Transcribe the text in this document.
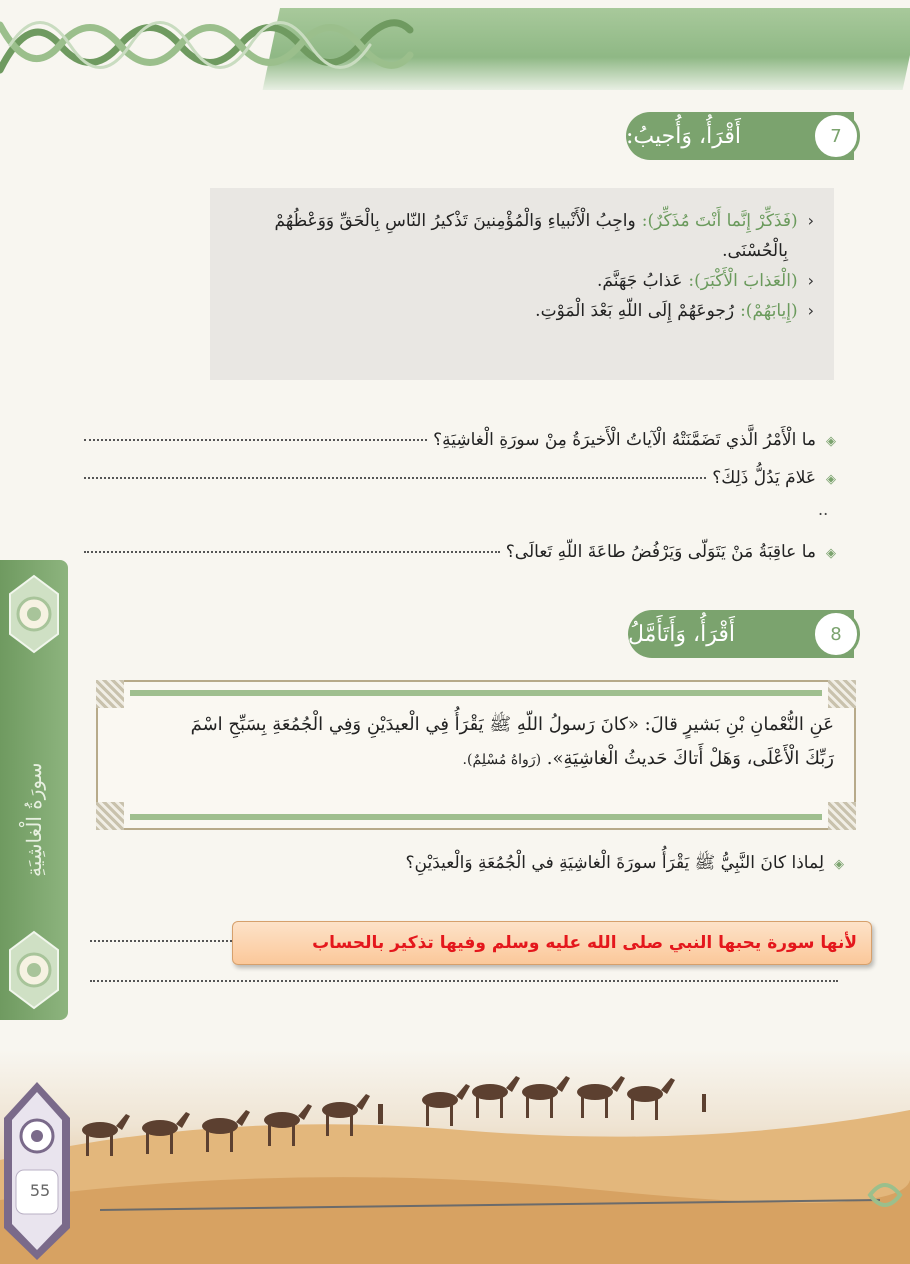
أَقْرَأُ، وَأُجيبُ:	7
‹
(فَذَكِّرْ إِنَّما أَنْتَ مُذَكِّرٌ):
واجِبُ الْأَنْبياءِ وَالْمُؤْمِنينَ تَذْكيرُ النّاسِ بِالْحَقِّ وَوَعْظُهُمْ
بِالْحُسْنَى.
‹
(الْعَذابَ الْأَكْبَرَ):
عَذابُ جَهَنَّمَ.
‹
(إِيابَهُمْ):
رُجوعَهُمْ إِلَى اللّهِ بَعْدَ الْمَوْتِ.
◈
ما الْأَمْرُ الَّذي تَضَمَّنَتْهُ الْآياتُ الْأَخيرَةُ مِنْ سورَةِ الْغاشِيَةِ؟
◈
عَلامَ يَدُلُّ ذَلِكَ؟
..
◈
ما عاقِبَةُ مَنْ يَتَوَلّى وَيَرْفُضُ طاعَةَ اللّهِ تَعالَى؟
أَقْرَأُ، وَأَتَأَمَّلُ	8
عَنِ النُّعْمانِ بْنِ بَشيرٍ قالَ: «كانَ رَسولُ اللّهِ ﷺ يَقْرَأُ فِي الْعيدَيْنِ وَفِي الْجُمُعَةِ بِسَبِّحِ اسْمَ
رَبِّكَ الْأَعْلَى، وَهَلْ أَتاكَ حَديثُ الْغاشِيَةِ». (رَواهُ مُسْلِمٌ).
◈
لِماذا كانَ النَّبِيُّ ﷺ يَقْرَأُ سورَةَ الْغاشِيَةِ في الْجُمُعَةِ وَالْعيدَيْنِ؟
لأنها سورة يحبها النبي صلى الله عليه وسلم وفيها تذكير بالحساب
سورَةُ الْغاشِيَةِ
55
